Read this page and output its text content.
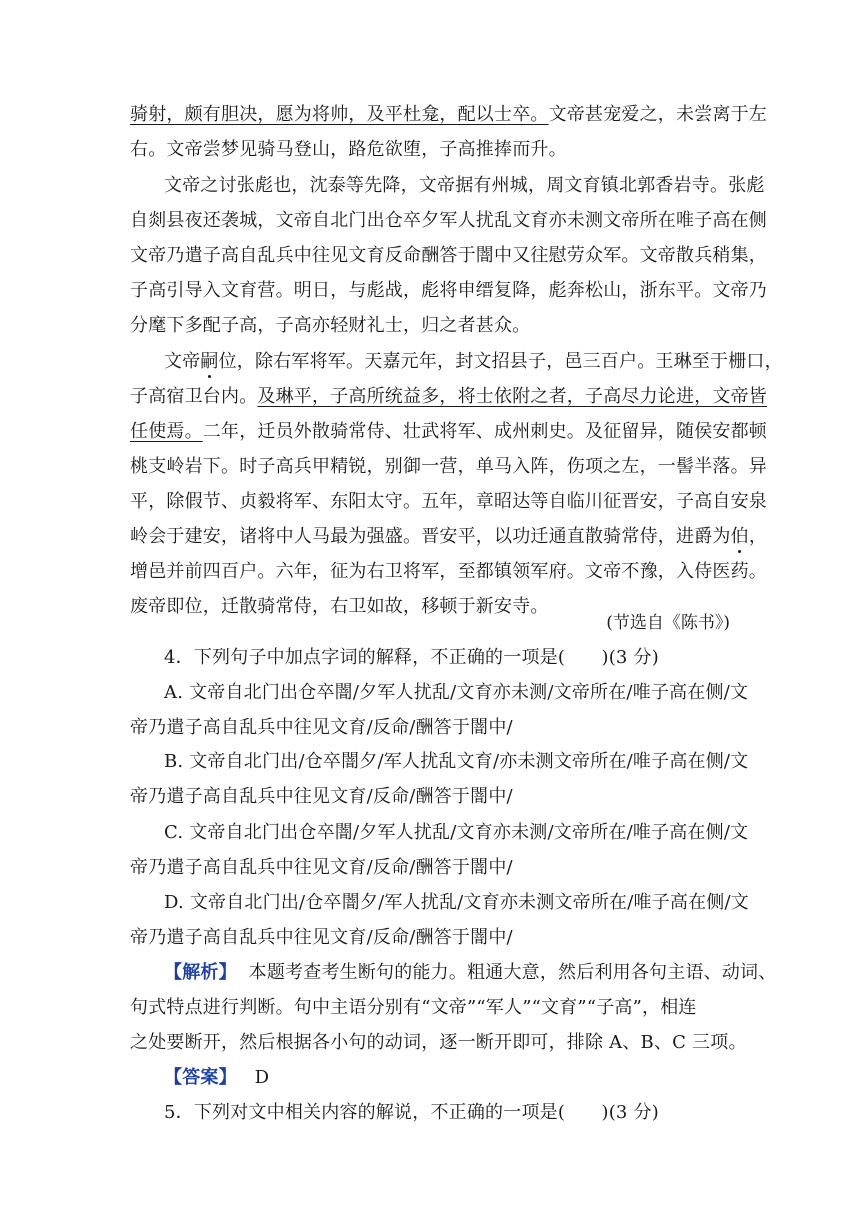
骑射，颇有胆决，愿为将帅，及平杜龛，配以士卒。文帝甚宠爱之，未尝离于左
右。文帝尝梦见骑马登山，路危欲堕，子高推捧而升。
文帝之讨张彪也，沈泰等先降，文帝据有州城，周文育镇北郭香岩寺。张彪
自剡县夜还袭城，文帝自北门出仓卒夕军人扰乱文育亦未测文帝所在唯子高在侧
文帝乃遣子高自乱兵中往见文育反命酬答于闇中又往慰劳众军。文帝散兵稍集，
子高引导入文育营。明日，与彪战，彪将申缙复降，彪奔松山，浙东平。文帝乃
分麾下多配子高，子高亦轻财礼士，归之者甚众。
文帝嗣位，除右军将军。天嘉元年，封文招县子，邑三百户。王琳至于栅口，
子高宿卫台内。及琳平，子高所统益多，将士依附之者，子高尽力论进，文帝皆
任使焉。二年，迁员外散骑常侍、壮武将军、成州刺史。及征留异，随侯安都顿
桃支岭岩下。时子高兵甲精锐，别御一营，单马入阵，伤项之左，一髻半落。异
平，除假节、贞毅将军、东阳太守。五年，章昭达等自临川征晋安，子高自安泉
岭会于建安，诸将中人马最为强盛。晋安平，以功迁通直散骑常侍，进爵为伯，
增邑并前四百户。六年，征为右卫将军，至都镇领军府。文帝不豫，入侍医药。
废帝即位，迁散骑常侍，右卫如故，移顿于新安寺。
(节选自《陈书》)
4．下列句子中加点字词的解释，不正确的一项是(　　)(3 分)
A. 文帝自北门出仓卒闇/夕军人扰乱/文育亦未测/文帝所在/唯子高在侧/文
帝乃遣子高自乱兵中往见文育/反命/酬答于闇中/
B. 文帝自北门出/仓卒闇夕/军人扰乱文育/亦未测文帝所在/唯子高在侧/文
帝乃遣子高自乱兵中往见文育/反命/酬答于闇中/
C. 文帝自北门出仓卒闇/夕军人扰乱/文育亦未测/文帝所在/唯子高在侧/文
帝乃遣子高自乱兵中往见文育/反命/酬答于闇中/
D. 文帝自北门出/仓卒闇夕/军人扰乱/文育亦未测文帝所在/唯子高在侧/文
帝乃遣子高自乱兵中往见文育/反命/酬答于闇中/
【解析】 本题考查考生断句的能力。粗通大意，然后利用各句主语、动词、
句式特点进行判断。句中主语分别有“文帝”“军人”“文育”“子高”，相连
之处要断开，然后根据各小句的动词，逐一断开即可，排除 A、B、C 三项。
【答案】 D
5．下列对文中相关内容的解说，不正确的一项是(　　)(3 分)
